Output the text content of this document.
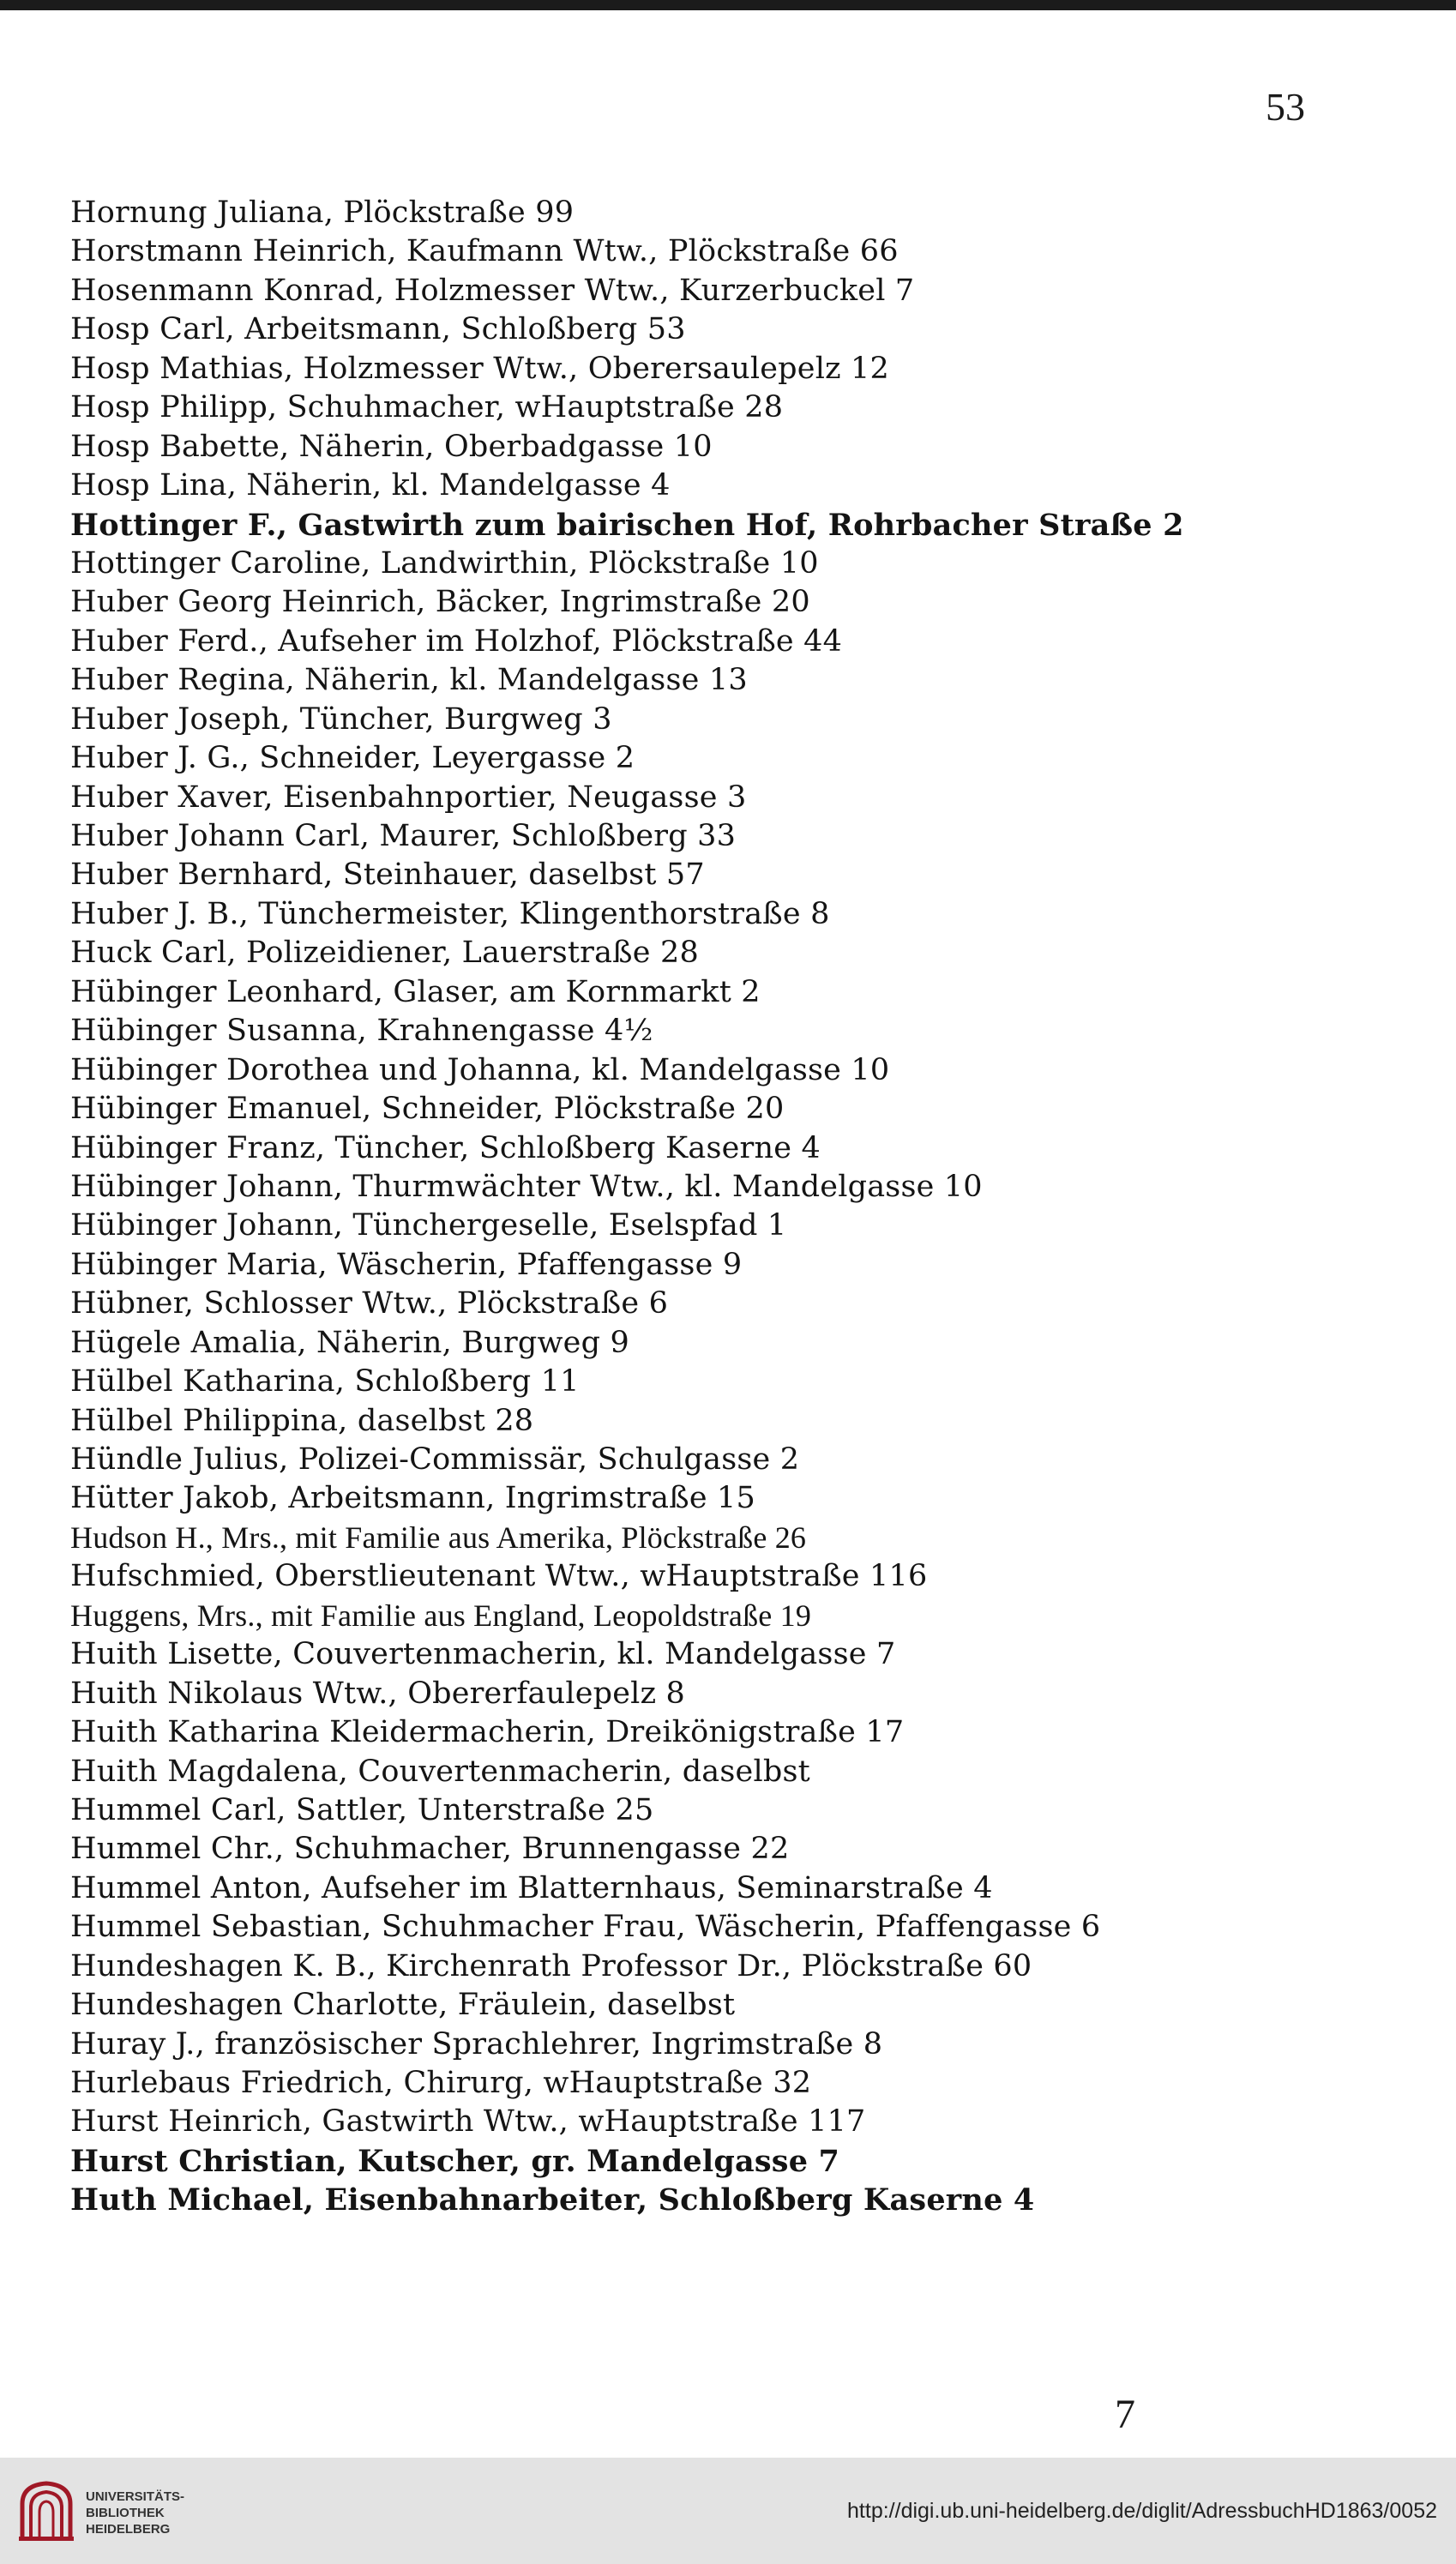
53
Hornung Juliana, Plöckstraße 99
Horstmann Heinrich, Kaufmann Wtw., Plöckstraße 66
Hosenmann Konrad, Holzmesser Wtw., Kurzerbuckel 7
Hosp Carl, Arbeitsmann, Schloßberg 53
Hosp Mathias, Holzmesser Wtw., Oberersaulepelz 12
Hosp Philipp, Schuhmacher, wHauptstraße 28
Hosp Babette, Näherin, Oberbadgasse 10
Hosp Lina, Näherin, kl. Mandelgasse 4
Hottinger F., Gastwirth zum bairischen Hof, Rohrbacher Straße 2
Hottinger Caroline, Landwirthin, Plöckstraße 10
Huber Georg Heinrich, Bäcker, Ingrimstraße 20
Huber Ferd., Aufseher im Holzhof, Plöckstraße 44
Huber Regina, Näherin, kl. Mandelgasse 13
Huber Joseph, Tüncher, Burgweg 3
Huber J. G., Schneider, Leyergasse 2
Huber Xaver, Eisenbahnportier, Neugasse 3
Huber Johann Carl, Maurer, Schloßberg 33
Huber Bernhard, Steinhauer, daselbst 57
Huber J. B., Tünchermeister, Klingenthorstraße 8
Huck Carl, Polizeidiener, Lauerstraße 28
Hübinger Leonhard, Glaser, am Kornmarkt 2
Hübinger Susanna, Krahnengasse 4½
Hübinger Dorothea und Johanna, kl. Mandelgasse 10
Hübinger Emanuel, Schneider, Plöckstraße 20
Hübinger Franz, Tüncher, Schloßberg Kaserne 4
Hübinger Johann, Thurmwächter Wtw., kl. Mandelgasse 10
Hübinger Johann, Tünchergeselle, Eselspfad 1
Hübinger Maria, Wäscherin, Pfaffengasse 9
Hübner, Schlosser Wtw., Plöckstraße 6
Hügele Amalia, Näherin, Burgweg 9
Hülbel Katharina, Schloßberg 11
Hülbel Philippina, daselbst 28
Hündle Julius, Polizei-Commissär, Schulgasse 2
Hütter Jakob, Arbeitsmann, Ingrimstraße 15
Hudson H., Mrs., mit Familie aus Amerika, Plöckstraße 26
Hufschmied, Oberstlieutenant Wtw., wHauptstraße 116
Huggens, Mrs., mit Familie aus England, Leopoldstraße 19
Huith Lisette, Couvertenmacherin, kl. Mandelgasse 7
Huith Nikolaus Wtw., Obererfaulepelz 8
Huith Katharina Kleidermacherin, Dreikönigstraße 17
Huith Magdalena, Couvertenmacherin, daselbst
Hummel Carl, Sattler, Unterstraße 25
Hummel Chr., Schuhmacher, Brunnengasse 22
Hummel Anton, Aufseher im Blatternhaus, Seminarstraße 4
Hummel Sebastian, Schuhmacher Frau, Wäscherin, Pfaffengasse 6
Hundeshagen K. B., Kirchenrath Professor Dr., Plöckstraße 60
Hundeshagen Charlotte, Fräulein, daselbst
Huray J., französischer Sprachlehrer, Ingrimstraße 8
Hurlebaus Friedrich, Chirurg, wHauptstraße 32
Hurst Heinrich, Gastwirth Wtw., wHauptstraße 117
Hurst Christian, Kutscher, gr. Mandelgasse 7
Huth Michael, Eisenbahnarbeiter, Schloßberg Kaserne 4
7
UNIVERSITÄTS-
BIBLIOTHEK
HEIDELBERG
http://digi.ub.uni-heidelberg.de/diglit/AdressbuchHD1863/0052
